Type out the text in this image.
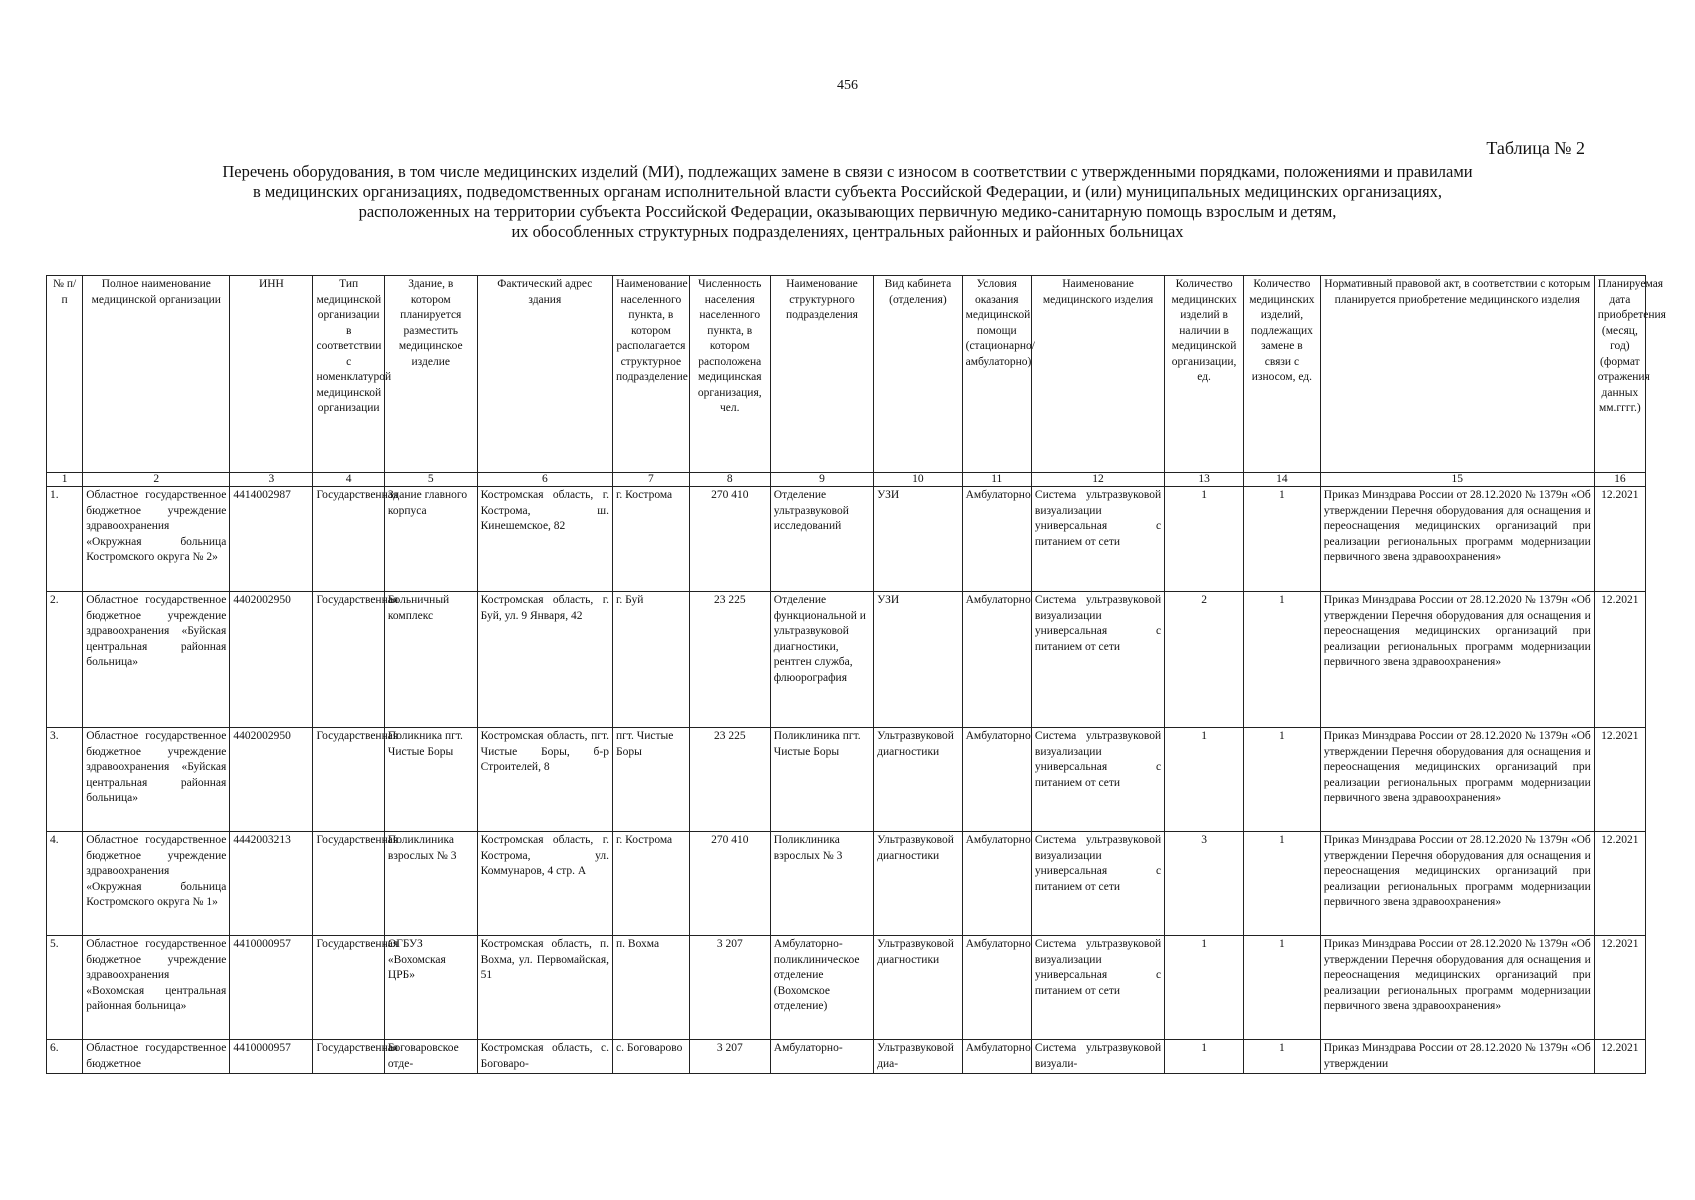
456
Таблица № 2
Перечень оборудования, в том числе медицинских изделий (МИ), подлежащих замене в связи с износом в соответствии с утвержденными порядками, положениями и правилами
в медицинских организациях, подведомственных органам исполнительной власти субъекта Российской Федерации, и (или) муниципальных медицинских организациях,
расположенных на территории субъекта Российской Федерации, оказывающих первичную медико-санитарную помощь взрослым и детям,
их обособленных структурных подразделениях, центральных районных и районных больницах
№ п/п	Полное наименование медицинской организации	ИНН	Тип медицинской организации в соответствии с номенклатурой медицинской организации	Здание, в котором планируется разместить медицинское изделие	Фактический адрес здания	Наименование населенного пункта, в котором располагается структурное подразделение	Численность населения населенного пункта, в котором расположена медицинская организация, чел.	Наименование структурного подразделения	Вид кабинета (отделения)	Условия оказания медицинской помощи (стационарно/ амбулаторно)	Наименование медицинского изделия	Количество медицинских изделий в наличии в медицинской организации, ед.	Количество медицинских изделий, подлежащих замене в связи с износом, ед.	Нормативный правовой акт, в соответствии с которым планируется приобретение медицинского изделия	Планируемая дата приобретения (месяц, год) (формат отражения данных мм.гггг.)
1	2	3	4	5	6	7	8	9	10	11	12	13	14	15	16
1.	Областное государственное бюджетное учреждение здравоохранения «Окружная больница Костромского округа № 2»	4414002987	Государственная	Здание главного корпуса	Костромская область, г. Кострома, ш. Кинешемское, 82	г. Кострома	270 410	Отделение ультразвуковой исследований	УЗИ	Амбулаторно	Система ультразвуковой визуализации универсальная с питанием от сети	1	1	Приказ Минздрава России от 28.12.2020 № 1379н «Об утверждении Перечня оборудования для оснащения и переоснащения медицинских организаций при реализации региональных программ модернизации первичного звена здравоохранения»	12.2021
2.	Областное государственное бюджетное учреждение здравоохранения «Буйская центральная районная больница»	4402002950	Государственная	Больничный комплекс	Костромская область, г. Буй, ул. 9 Января, 42	г. Буй	23 225	Отделение функциональной и ультразвуковой диагностики, рентген служба, флюорография	УЗИ	Амбулаторно	Система ультразвуковой визуализации универсальная с питанием от сети	2	1	Приказ Минздрава России от 28.12.2020 № 1379н «Об утверждении Перечня оборудования для оснащения и переоснащения медицинских организаций при реализации региональных программ модернизации первичного звена здравоохранения»	12.2021
3.	Областное государственное бюджетное учреждение здравоохранения «Буйская центральная районная больница»	4402002950	Государственная	Поликника пгт. Чистые Боры	Костромская область, пгт. Чистые Боры, б-р Строителей, 8	пгт. Чистые Боры	23 225	Поликлиника пгт. Чистые Боры	Ультразвуковой диагностики	Амбулаторно	Система ультразвуковой визуализации универсальная с питанием от сети	1	1	Приказ Минздрава России от 28.12.2020 № 1379н «Об утверждении Перечня оборудования для оснащения и переоснащения медицинских организаций при реализации региональных программ модернизации первичного звена здравоохранения»	12.2021
4.	Областное государственное бюджетное учреждение здравоохранения «Окружная больница Костромского округа № 1»	4442003213	Государственная	Поликлиника взрослых № 3	Костромская область, г. Кострома, ул. Коммунаров, 4 стр. А	г. Кострома	270 410	Поликлиника взрослых № 3	Ультразвуковой диагностики	Амбулаторно	Система ультразвуковой визуализации универсальная с питанием от сети	3	1	Приказ Минздрава России от 28.12.2020 № 1379н «Об утверждении Перечня оборудования для оснащения и переоснащения медицинских организаций при реализации региональных программ модернизации первичного звена здравоохранения»	12.2021
5.	Областное государственное бюджетное учреждение здравоохранения «Вохомская центральная районная больница»	4410000957	Государственная	ОГБУЗ «Вохомская ЦРБ»	Костромская область, п. Вохма, ул. Первомайская, 51	п. Вохма	3 207	Амбулаторно-поликлиническое отделение (Вохомское отделение)	Ультразвуковой диагностики	Амбулаторно	Система ультразвуковой визуализации универсальная с питанием от сети	1	1	Приказ Минздрава России от 28.12.2020 № 1379н «Об утверждении Перечня оборудования для оснащения и переоснащения медицинских организаций при реализации региональных программ модернизации первичного звена здравоохранения»	12.2021
6.	Областное государственное бюджетное	4410000957	Государственная	Боговаровское отде-	Костромская область, с. Боговаро-	с. Боговарово	3 207	Амбулаторно-	Ультразвуковой диа-	Амбулаторно	Система ультразвуковой визуали-	1	1	Приказ Минздрава России от 28.12.2020 № 1379н «Об утверждении	12.2021
